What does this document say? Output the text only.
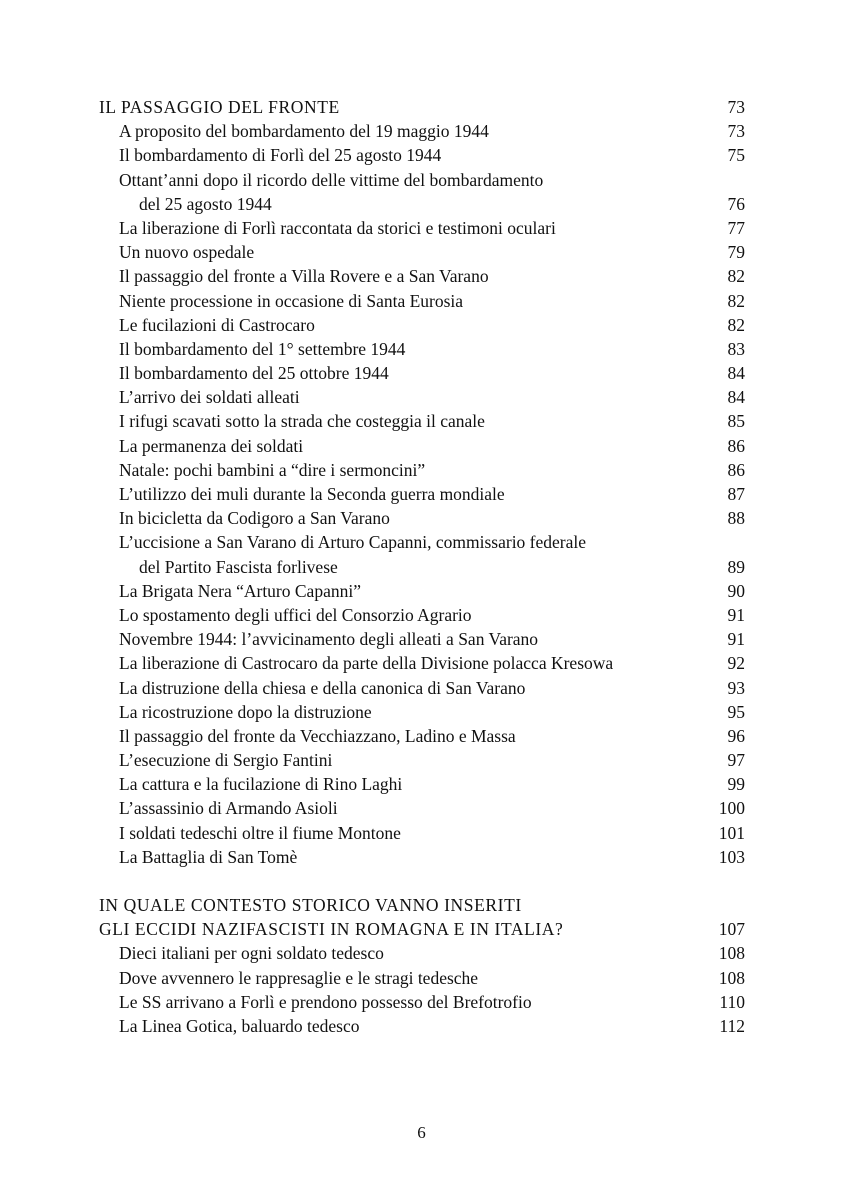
IL PASSAGGIO DEL FRONTE	73
A proposito del bombardamento del 19 maggio 1944	73
Il bombardamento di Forlì del 25 agosto 1944	75
Ottant’anni dopo il ricordo delle vittime del bombardamento
del 25 agosto 1944	76
La liberazione di Forlì raccontata da storici e testimoni oculari	77
Un nuovo ospedale	79
Il passaggio del fronte a Villa Rovere e a San Varano	82
Niente processione in occasione di Santa Eurosia	82
Le fucilazioni di Castrocaro	82
Il bombardamento del 1° settembre 1944	83
Il bombardamento del 25 ottobre 1944	84
L’arrivo dei soldati alleati	84
I rifugi scavati sotto la strada che costeggia il canale	85
La permanenza dei soldati	86
Natale: pochi bambini a “dire i sermoncini”	86
L’utilizzo dei muli durante la Seconda guerra mondiale	87
In bicicletta da Codigoro a San Varano	88
L’uccisione a San Varano di Arturo Capanni, commissario federale
del Partito Fascista forlivese	89
La Brigata Nera “Arturo Capanni”	90
Lo spostamento degli uffici del Consorzio Agrario	91
Novembre 1944: l’avvicinamento degli alleati a San Varano	91
La liberazione di Castrocaro da parte della Divisione polacca Kresowa	92
La distruzione della chiesa e della canonica di San Varano	93
La ricostruzione dopo la distruzione	95
Il passaggio del fronte da Vecchiazzano, Ladino e Massa	96
L’esecuzione di Sergio Fantini	97
La cattura e la fucilazione di Rino Laghi	99
L’assassinio di Armando Asioli	100
I soldati tedeschi oltre il fiume Montone	101
La Battaglia di San Tomè	103
IN QUALE CONTESTO STORICO VANNO INSERITI
GLI ECCIDI NAZIFASCISTI IN ROMAGNA E IN ITALIA?	107
Dieci italiani per ogni soldato tedesco	108
Dove avvennero le rappresaglie e le stragi tedesche	108
Le SS arrivano a Forlì e prendono possesso del Brefotrofio	110
La Linea Gotica, baluardo tedesco	112
6
